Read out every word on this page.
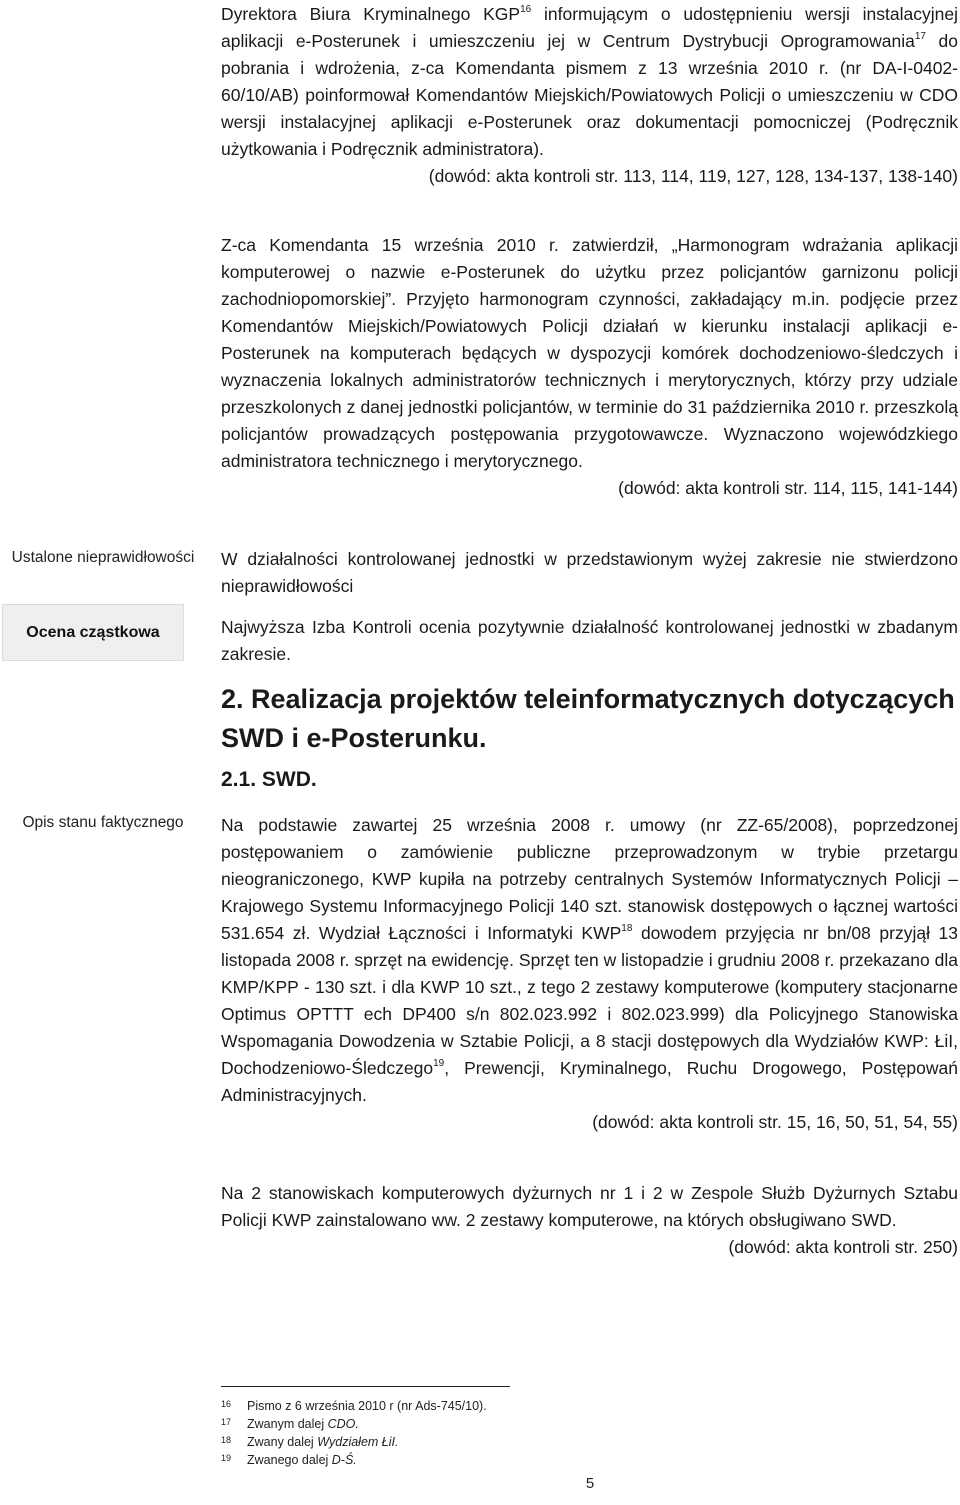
Ustalone nieprawidłowości
Ocena cząstkowa
Opis stanu faktycznego

Dyrektora Biura Kryminalnego KGP$^{16}$ informującym o udostępnieniu wersji instalacyjnej aplikacji e-Posterunek i umieszczeniu jej w Centrum Dystrybucji Oprogramowania$^{17}$ do pobrania i wdrożenia, z-ca Komendanta pismem z 13 września 2010 r. (nr DA-I-0402-60/10/AB) poinformował Komendantów Miejskich/Powiatowych Policji o umieszczeniu w CDO wersji instalacyjnej aplikacji e-Posterunek oraz dokumentacji pomocniczej (Podręcznik użytkowania i Podręcznik administratora).

(dowód: akta kontroli str. 113, 114, 119, 127, 128, 134-137, 138-140)

Z-ca Komendanta 15 września 2010 r. zatwierdził, „Harmonogram wdrażania aplikacji komputerowej o nazwie e-Posterunek do użytku przez policjantów garnizonu policji zachodniopomorskiej”. Przyjęto harmonogram czynności, zakładający m.in. podjęcie przez Komendantów Miejskich/Powiatowych Policji działań w kierunku instalacji aplikacji e-Posterunek na komputerach będących w dyspozycji komórek dochodzeniowo-śledczych i wyznaczenia lokalnych administratorów technicznych i merytorycznych, którzy przy udziale przeszkolonych z danej jednostki policjantów, w terminie do 31 października 2010 r. przeszkolą policjantów prowadzących postępowania przygotowawcze. Wyznaczono wojewódzkiego administratora technicznego i merytorycznego.

(dowód: akta kontroli str. 114, 115, 141-144)

W działalności kontrolowanej jednostki w przedstawionym wyżej zakresie nie stwierdzono nieprawidłowości

Najwyższa Izba Kontroli ocenia pozytywnie działalność kontrolowanej jednostki w zbadanym zakresie.

2. Realizacja projektów teleinformatycznych dotyczących SWD i e-Posterunku.

2.1. SWD.

Na podstawie zawartej 25 września 2008 r. umowy (nr ZZ-65/2008), poprzedzonej postępowaniem o zamówienie publiczne przeprowadzonym w trybie przetargu nieograniczonego, KWP kupiła na potrzeby centralnych Systemów Informatycznych Policji – Krajowego Systemu Informacyjnego Policji 140 szt. stanowisk dostępowych o łącznej wartości 531.654 zł. Wydział Łączności i Informatyki KWP$^{18}$ dowodem przyjęcia nr bn/08 przyjął 13 listopada 2008 r. sprzęt na ewidencję. Sprzęt ten w listopadzie i grudniu 2008 r. przekazano dla KMP/KPP - 130 szt. i dla KWP 10 szt., z tego 2 zestawy komputerowe (komputery stacjonarne Optimus OPTTT ech DP400 s/n 802.023.992 i 802.023.999) dla Policyjnego Stanowiska Wspomagania Dowodzenia w Sztabie Policji, a 8 stacji dostępowych dla Wydziałów KWP: ŁiI, Dochodzeniowo-Śledczego$^{19}$, Prewencji, Kryminalnego, Ruchu Drogowego, Postępowań Administracyjnych.

(dowód: akta kontroli str. 15, 16, 50, 51, 54, 55)

Na 2 stanowiskach komputerowych dyżurnych nr 1 i 2 w Zespole Służb Dyżurnych Sztabu Policji KWP zainstalowano ww. 2 zestawy komputerowe, na których obsługiwano SWD.

(dowód: akta kontroli str. 250)

16 Pismo z 6 września 2010 r (nr Ads-745/10).
17 Zwanym dalej CDO.
18 Zwany dalej Wydziałem ŁiI.
19 Zwanego dalej D-Ś.
5
